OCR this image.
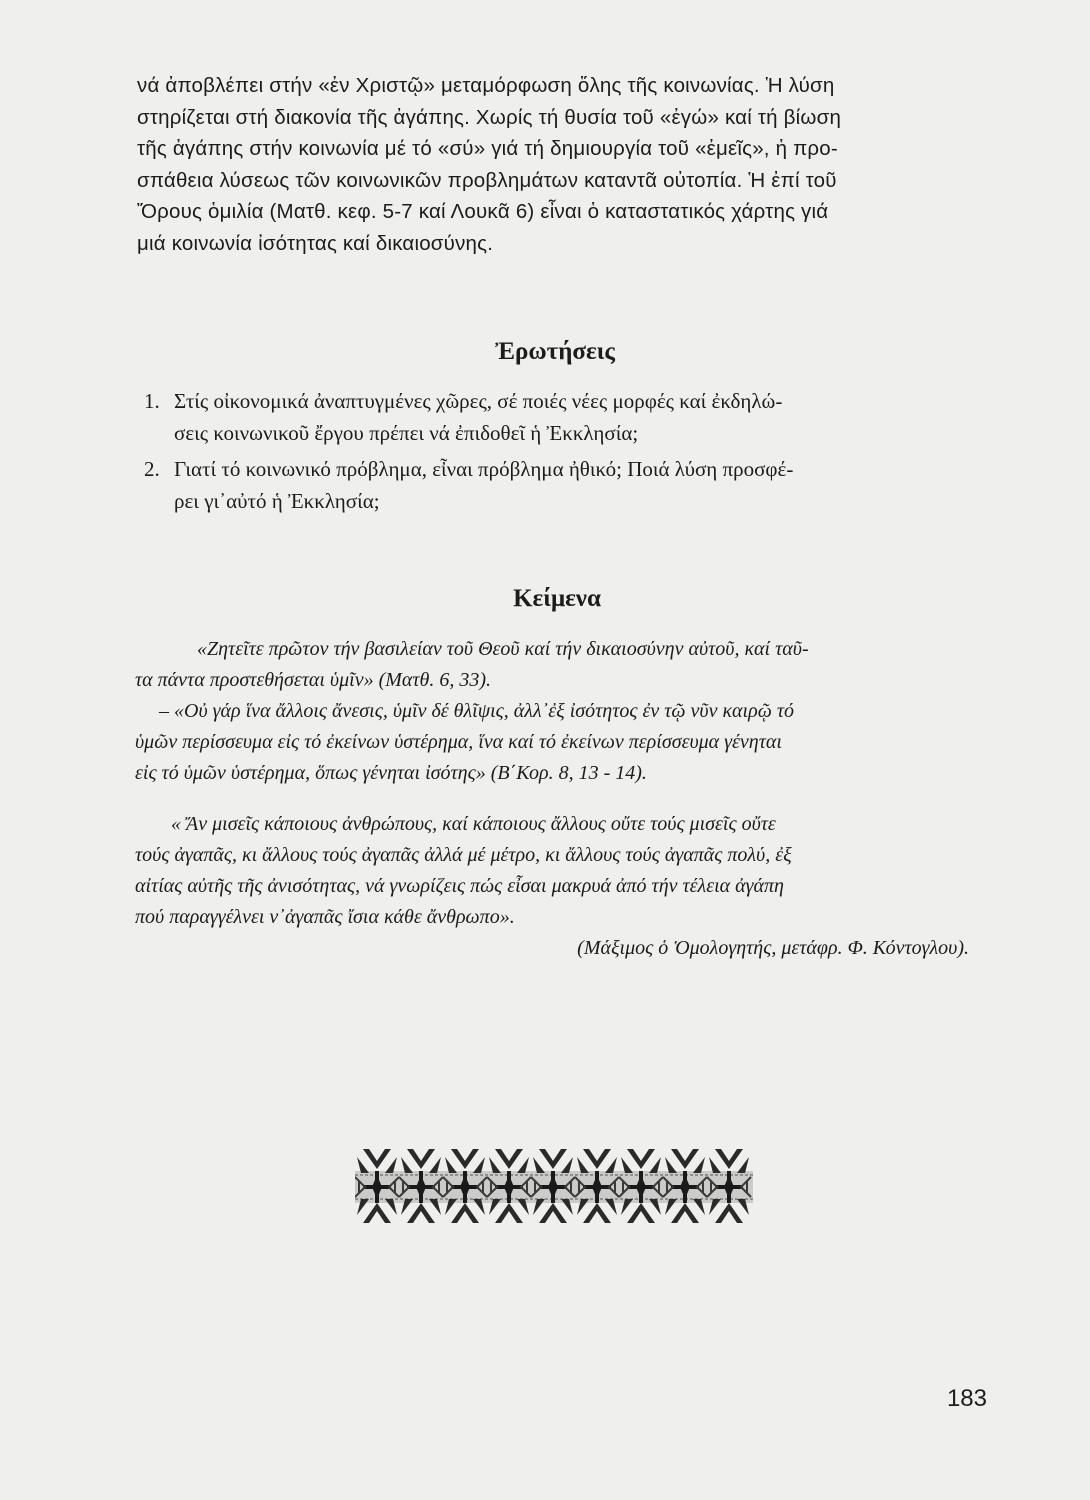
νά ἀποβλέπει στήν «ἐν Χριστῷ» μεταμόρφωση ὅλης τῆς κοινωνίας. Ἡ λύση
στηρίζεται στή διακονία τῆς ἀγάπης. Χωρίς τή θυσία τοῦ «ἐγώ» καί τή βίωση
τῆς ἀγάπης στήν κοινωνία μέ τό «σύ» γιά τή δημιουργία τοῦ «ἐμεῖς», ἡ προ-
σπάθεια λύσεως τῶν κοινωνικῶν προβλημάτων καταντᾶ οὐτοπία. Ἡ ἐπί τοῦ
Ὄρους ὁμιλία (Ματθ. κεφ. 5-7 καί Λουκᾶ 6) εἶναι ὁ καταστατικός χάρτης γιά
μιά κοινωνία ἰσότητας καί δικαιοσύνης.
Ἐρωτήσεις
1. Στίς οἰκονομικά ἀναπτυγμένες χῶρες, σέ ποιές νέες μορφές καί ἐκδηλώ-
σεις κοινωνικοῦ ἔργου πρέπει νά ἐπιδοθεῖ ἡ Ἐκκλησία;
2. Γιατί τό κοινωνικό πρόβλημα, εἶναι πρόβλημα ἠθικό; Ποιά λύση προσφέ-
ρει γι᾿αὐτό ἡ Ἐκκλησία;
Κείμενα
«Ζητεῖτε πρῶτον τήν βασιλείαν τοῦ Θεοῦ καί τήν δικαιοσύνην αὐτοῦ, καί ταῦ-
τα πάντα προστεθήσεται ὑμῖν» (Ματθ. 6, 33).
– «Οὐ γάρ ἵνα ἄλλοις ἄνεσις, ὑμῖν δέ θλῖψις, ἀλλ᾿ἐξ ἰσότητος ἐν τῷ νῦν καιρῷ τό
ὑμῶν περίσσευμα εἰς τό ἐκείνων ὑστέρημα, ἵνα καί τό ἐκείνων περίσσευμα γένηται
εἰς τό ὑμῶν ὑστέρημα, ὅπως γένηται ἰσότης» (Β΄Κορ. 8, 13 - 14).
« Ἄν μισεῖς κάποιους ἀνθρώπους, καί κάποιους ἄλλους οὔτε τούς μισεῖς οὔτε
τούς ἀγαπᾶς, κι ἄλλους τούς ἀγαπᾶς ἀλλά μέ μέτρο, κι ἄλλους τούς ἀγαπᾶς πολύ, ἐξ
αἰτίας αὐτῆς τῆς ἀνισότητας, νά γνωρίζεις πώς εἶσαι μακρυά ἀπό τήν τέλεια ἀγάπη
πού παραγγέλνει ν᾿ἀγαπᾶς ἴσια κάθε ἄνθρωπο».
(Μάξιμος ὁ Ὁμολογητής, μετάφρ. Φ. Κόντογλου).
183
